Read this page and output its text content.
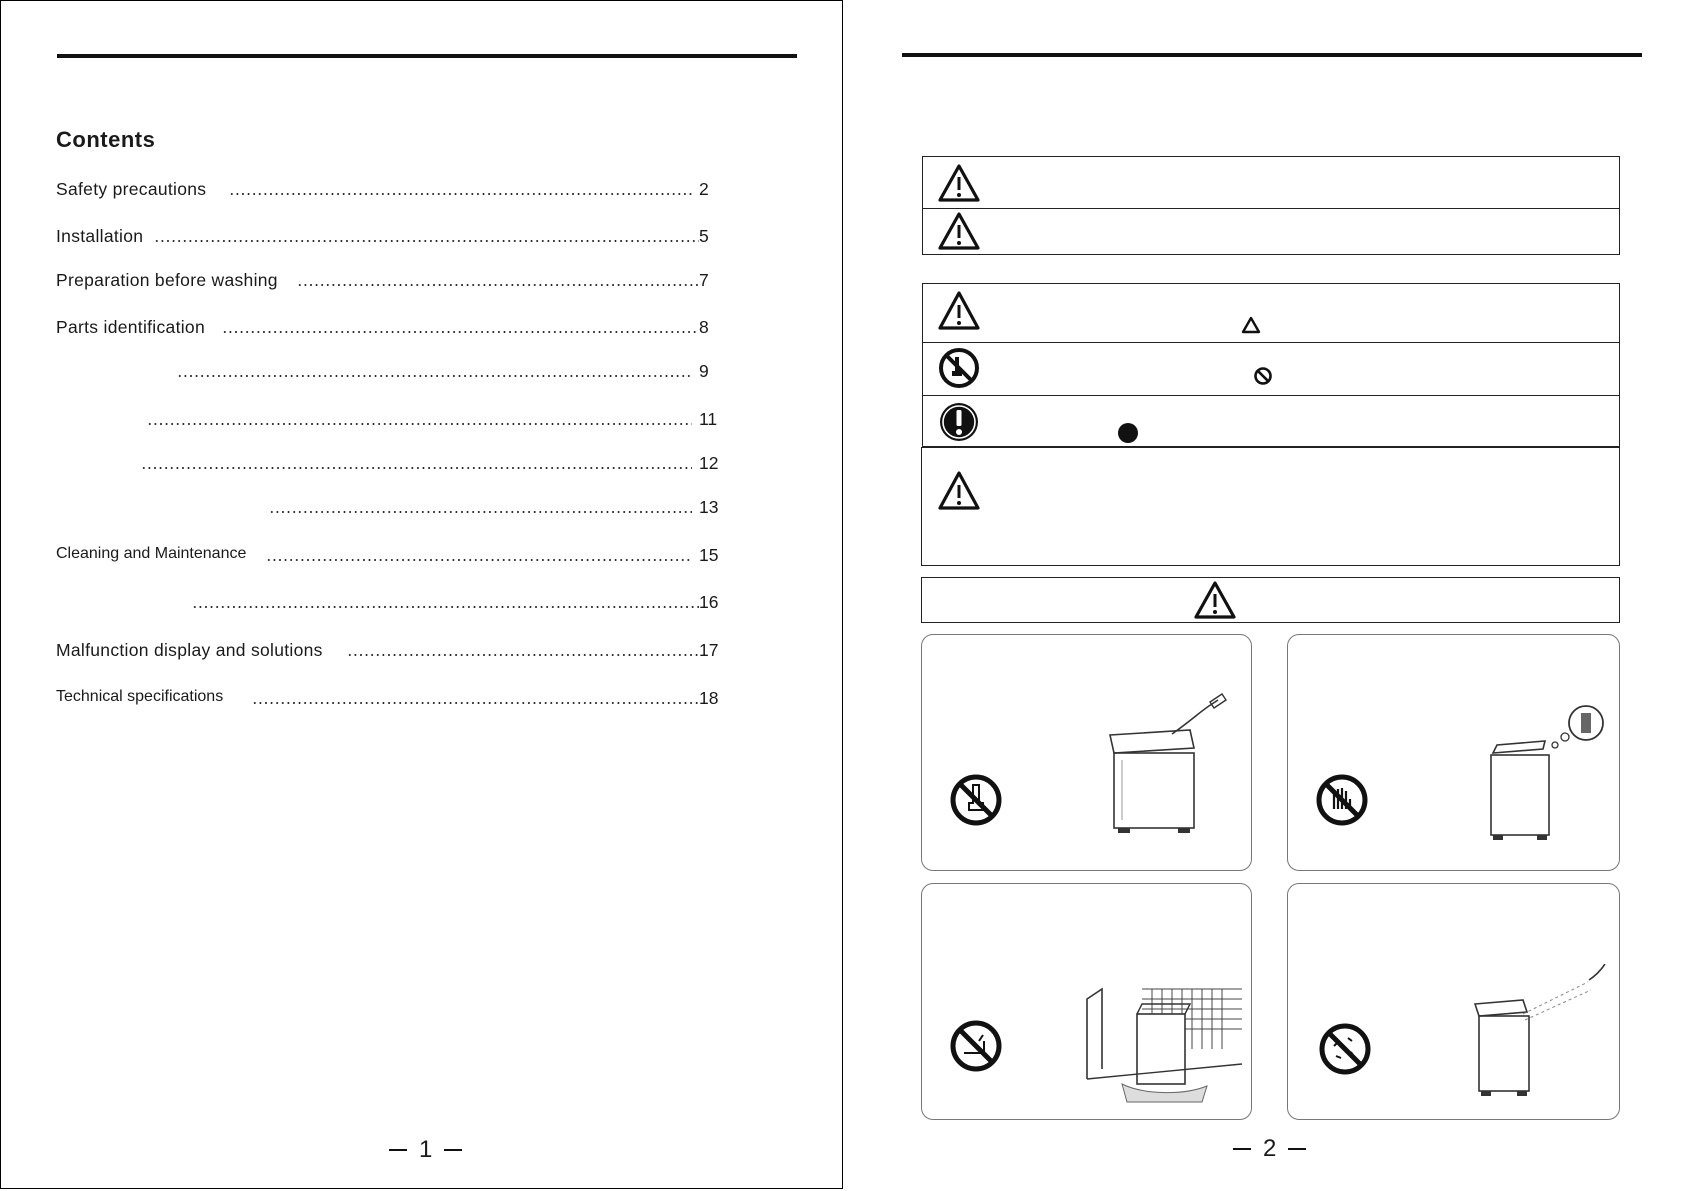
Contents
Safety precautions	2
Installation	5
Preparation before washing	7
Parts identification	8
9
11
12
13
Cleaning and Maintenance	15
16
Malfunction display and solutions	17
Technical specifications	18
1	2
